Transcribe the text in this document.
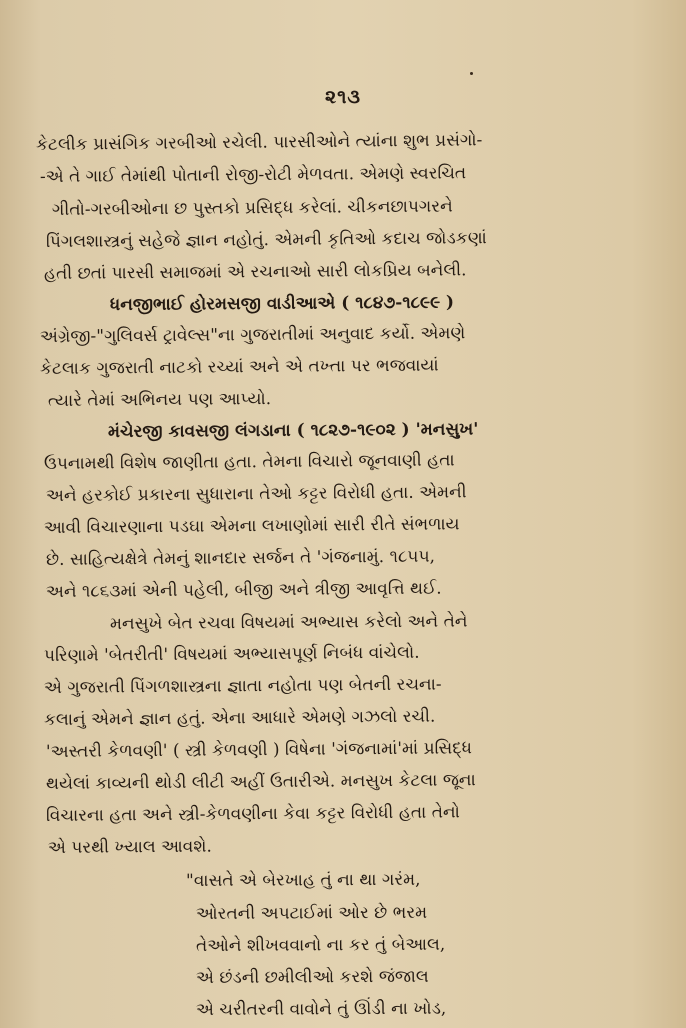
૨૧૩
કેટલીક પ્રાસંગિક ગરબીઓ રચેલી. પારસીઓને ત્યાંના શુભ પ્રસંગો-
-એ તે ગાઈ તેમાંથી પોતાની રોજી-રોટી મેળવતા. એમણે સ્વરચિત
ગીતો-ગરબીઓના છ પુસ્તકો પ્રસિદ્ધ કરેલાં. ચીકનછાપગરને
પિંગલશાસ્ત્રનું સહેજે જ્ઞાન નહોતું. એમની કૃતિઓ કદાચ જોડકણાં
હતી છતાં પારસી સમાજમાં એ રચનાઓ સારી લોકપ્રિય બનેલી.
ધનજીભાઈ હોરમસજી વાડીઆએ ( ૧૮૪૭-૧૮૯૯ )
અંગ્રેજી-"ગુલિવર્સ ટ્રાવેલ્સ"ના ગુજરાતીમાં અનુવાદ કર્યો. એમણે
કેટલાક ગુજરાતી નાટકો રચ્યાં અને એ તખ્તા પર ભજવાયાં
ત્યારે તેમાં અભિનય પણ આપ્યો.
મંચેરજી કાવસજી લંગડાના ( ૧૮૨૭-૧૯૦૨ ) 'મનસુખ'
ઉપનામથી વિશેષ જાણીતા હતા. તેમના વિચારો જૂનવાણી હતા
અને હરકોઈ પ્રકારના સુધારાના તેઓ કટ્ટર વિરોધી હતા. એમની
આવી વિચારણાના પડઘા એમના લખાણોમાં સારી રીતે સંભળાય
છે. સાહિત્યક્ષેત્રે તેમનું શાનદાર સર્જન તે 'ગંજનામું. ૧૮૫૫,
અને ૧૮૬૩માં એની પહેલી, બીજી અને ત્રીજી આવૃત્તિ થઈ.
મનસુખે બેત રચવા વિષયમાં અભ્યાસ કરેલો અને તેને
પરિણામે 'બેતરીતી' વિષયમાં અભ્યાસપૂર્ણ નિબંધ વાંચેલો.
એ ગુજરાતી પિંગળશાસ્ત્રના જ્ઞાતા નહોતા પણ બેતની રચના-
કલાનું એમને જ્ઞાન હતું. એના આધારે એમણે ગઝલો રચી.
'અસ્તરી કેળવણી' ( સ્ત્રી કેળવણી ) વિષેના 'ગંજનામાં'માં પ્રસિદ્ધ
થયેલાં કાવ્યની થોડી લીટી અહીં ઉતારીએ. મનસુખ કેટલા જૂના
વિચારના હતા અને સ્ત્રી-કેળવણીના કેવા કટ્ટર વિરોધી હતા તેનો
એ પરથી ખ્યાલ આવશે.
"વાસતે એ બેરખાહ તું ના થા ગરંમ,
ઓરતની અપટાઈમાં ઓર છે ભરમ
તેઓને શીખવવાનો ના કર તું બેઆલ,
એ છંડની છમીલીઓ કરશે જંજાલ
એ ચરીતરની વાવોને તું ઊંડી ના ખોડ,
